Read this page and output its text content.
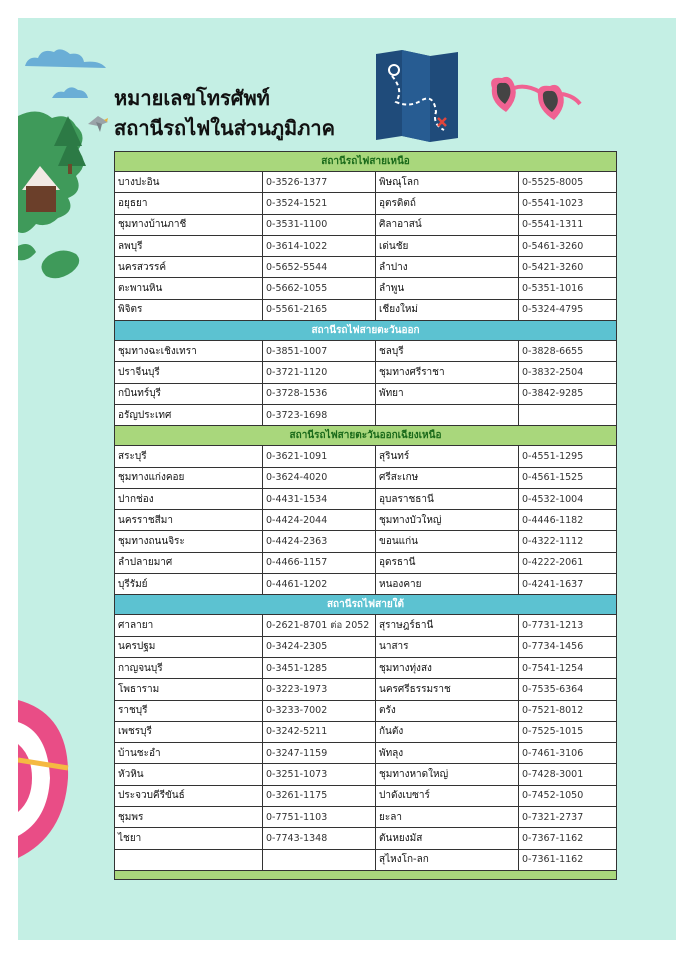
หมายเลขโทรศัพท์
สถานีรถไฟในส่วนภูมิภาค
สถานีรถไฟสายเหนือ			
บางปะอิน	0-3526-1377	พิษณุโลก	0-5525-8005
อยุธยา	0-3524-1521	อุตรดิตถ์	0-5541-1023
ชุมทางบ้านภาชี	0-3531-1100	ศิลาอาสน์	0-5541-1311
ลพบุรี	0-3614-1022	เด่นชัย	0-5461-3260
นครสวรรค์	0-5652-5544	ลำปาง	0-5421-3260
ตะพานหิน	0-5662-1055	ลำพูน	0-5351-1016
พิจิตร	0-5561-2165	เชียงใหม่	0-5324-4795
สถานีรถไฟสายตะวันออก			
ชุมทางฉะเชิงเทรา	0-3851-1007	ชลบุรี	0-3828-6655
ปราจีนบุรี	0-3721-1120	ชุมทางศรีราชา	0-3832-2504
กบินทร์บุรี	0-3728-1536	พัทยา	0-3842-9285
อรัญประเทศ	0-3723-1698		
สถานีรถไฟสายตะวันออกเฉียงเหนือ			
สระบุรี	0-3621-1091	สุรินทร์	0-4551-1295
ชุมทางแก่งคอย	0-3624-4020	ศรีสะเกษ	0-4561-1525
ปากช่อง	0-4431-1534	อุบลราชธานี	0-4532-1004
นครราชสีมา	0-4424-2044	ชุมทางบัวใหญ่	0-4446-1182
ชุมทางถนนจิระ	0-4424-2363	ขอนแก่น	0-4322-1112
ลำปลายมาศ	0-4466-1157	อุดรธานี	0-4222-2061
บุรีรัมย์	0-4461-1202	หนองคาย	0-4241-1637
สถานีรถไฟสายใต้			
ศาลายา	0-2621-8701 ต่อ 2052	สุราษฎร์ธานี	0-7731-1213
นครปฐม	0-3424-2305	นาสาร	0-7734-1456
กาญจนบุรี	0-3451-1285	ชุมทางทุ่งสง	0-7541-1254
โพธาราม	0-3223-1973	นครศรีธรรมราช	0-7535-6364
ราชบุรี	0-3233-7002	ตรัง	0-7521-8012
เพชรบุรี	0-3242-5211	กันตัง	0-7525-1015
บ้านชะอำ	0-3247-1159	พัทลุง	0-7461-3106
หัวหิน	0-3251-1073	ชุมทางหาดใหญ่	0-7428-3001
ประจวบคีรีขันธ์	0-3261-1175	ปาดังเบซาร์	0-7452-1050
ชุมพร	0-7751-1103	ยะลา	0-7321-2737
ไชยา	0-7743-1348	ตันหยงมัส	0-7367-1162
		สุไหงโก-ลก	0-7361-1162
